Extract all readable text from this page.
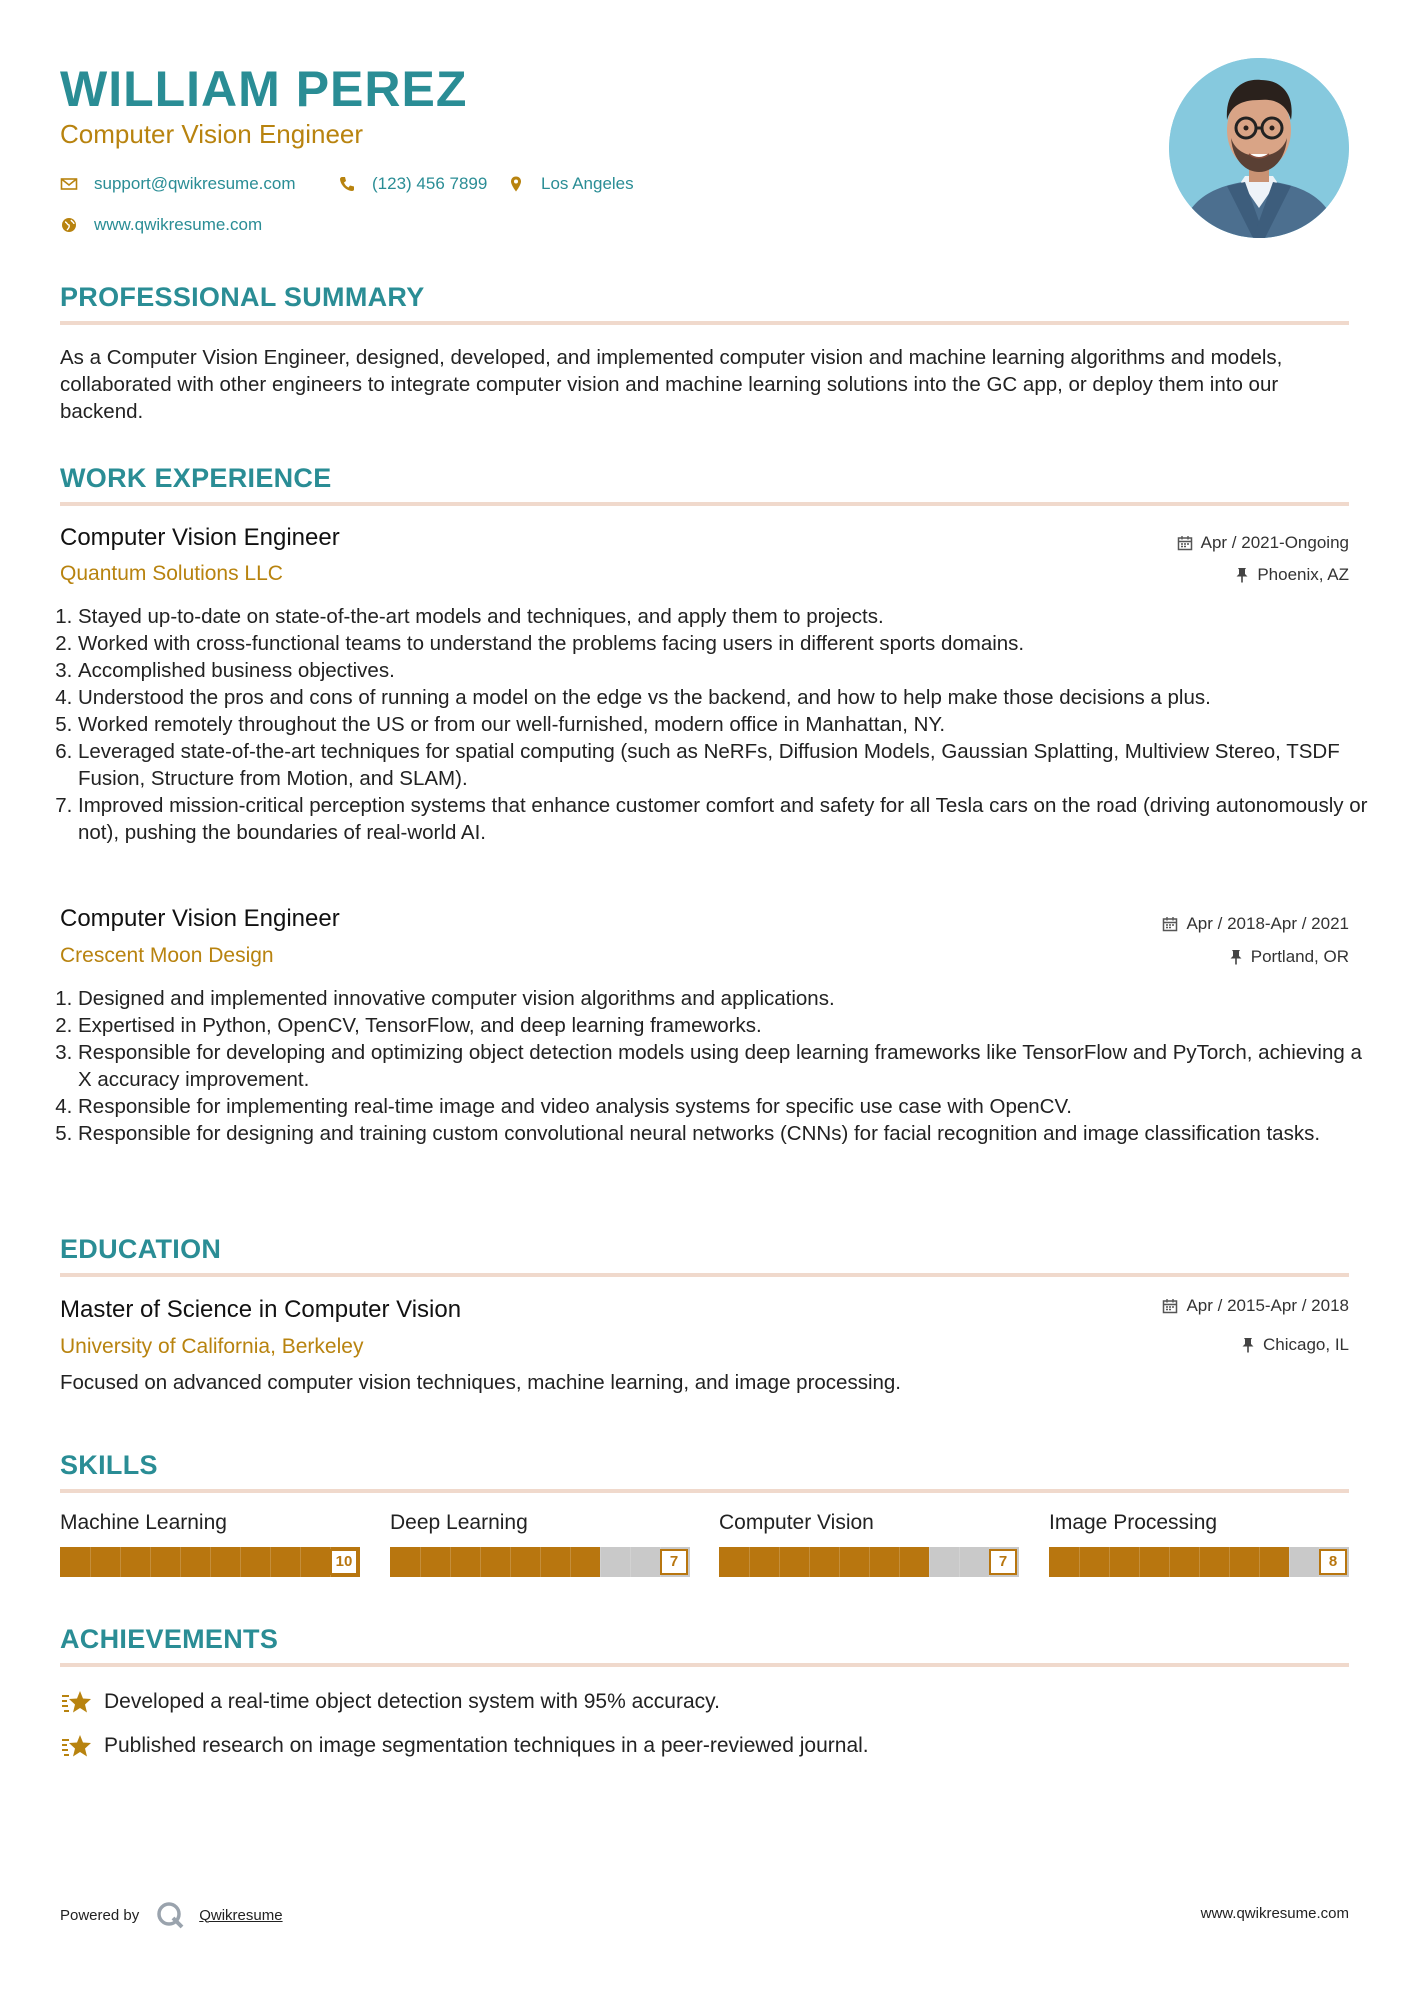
WILLIAM PEREZ
Computer Vision Engineer
support@qwikresume.com	(123) 456 7899	Los Angeles
www.qwikresume.com
PROFESSIONAL SUMMARY
As a Computer Vision Engineer, designed, developed, and implemented computer vision and machine learning algorithms and models, collaborated with other engineers to integrate computer vision and machine learning solutions into the GC app, or deploy them into our backend.
WORK EXPERIENCE
Computer Vision Engineer
Quantum Solutions LLC
Apr / 2021-Ongoing
Phoenix, AZ
1. Stayed up-to-date on state-of-the-art models and techniques, and apply them to projects.
2. Worked with cross-functional teams to understand the problems facing users in different sports domains.
3. Accomplished business objectives.
4. Understood the pros and cons of running a model on the edge vs the backend, and how to help make those decisions a plus.
5. Worked remotely throughout the US or from our well-furnished, modern office in Manhattan, NY.
6. Leveraged state-of-the-art techniques for spatial computing (such as NeRFs, Diffusion Models, Gaussian Splatting, Multiview Stereo, TSDF Fusion, Structure from Motion, and SLAM).
7. Improved mission-critical perception systems that enhance customer comfort and safety for all Tesla cars on the road (driving autonomously or not), pushing the boundaries of real-world AI.
Computer Vision Engineer
Crescent Moon Design
Apr / 2018-Apr / 2021
Portland, OR
1. Designed and implemented innovative computer vision algorithms and applications.
2. Expertised in Python, OpenCV, TensorFlow, and deep learning frameworks.
3. Responsible for developing and optimizing object detection models using deep learning frameworks like TensorFlow and PyTorch, achieving a X accuracy improvement.
4. Responsible for implementing real-time image and video analysis systems for specific use case with OpenCV.
5. Responsible for designing and training custom convolutional neural networks (CNNs) for facial recognition and image classification tasks.
EDUCATION
Master of Science in Computer Vision
University of California, Berkeley
Apr / 2015-Apr / 2018
Chicago, IL
Focused on advanced computer vision techniques, machine learning, and image processing.
SKILLS
Machine Learning
10
Deep Learning
7
Computer Vision
7
Image Processing
8
ACHIEVEMENTS
Developed a real-time object detection system with 95% accuracy.
Published research on image segmentation techniques in a peer-reviewed journal.
Powered by	Qwikresume	www.qwikresume.com
